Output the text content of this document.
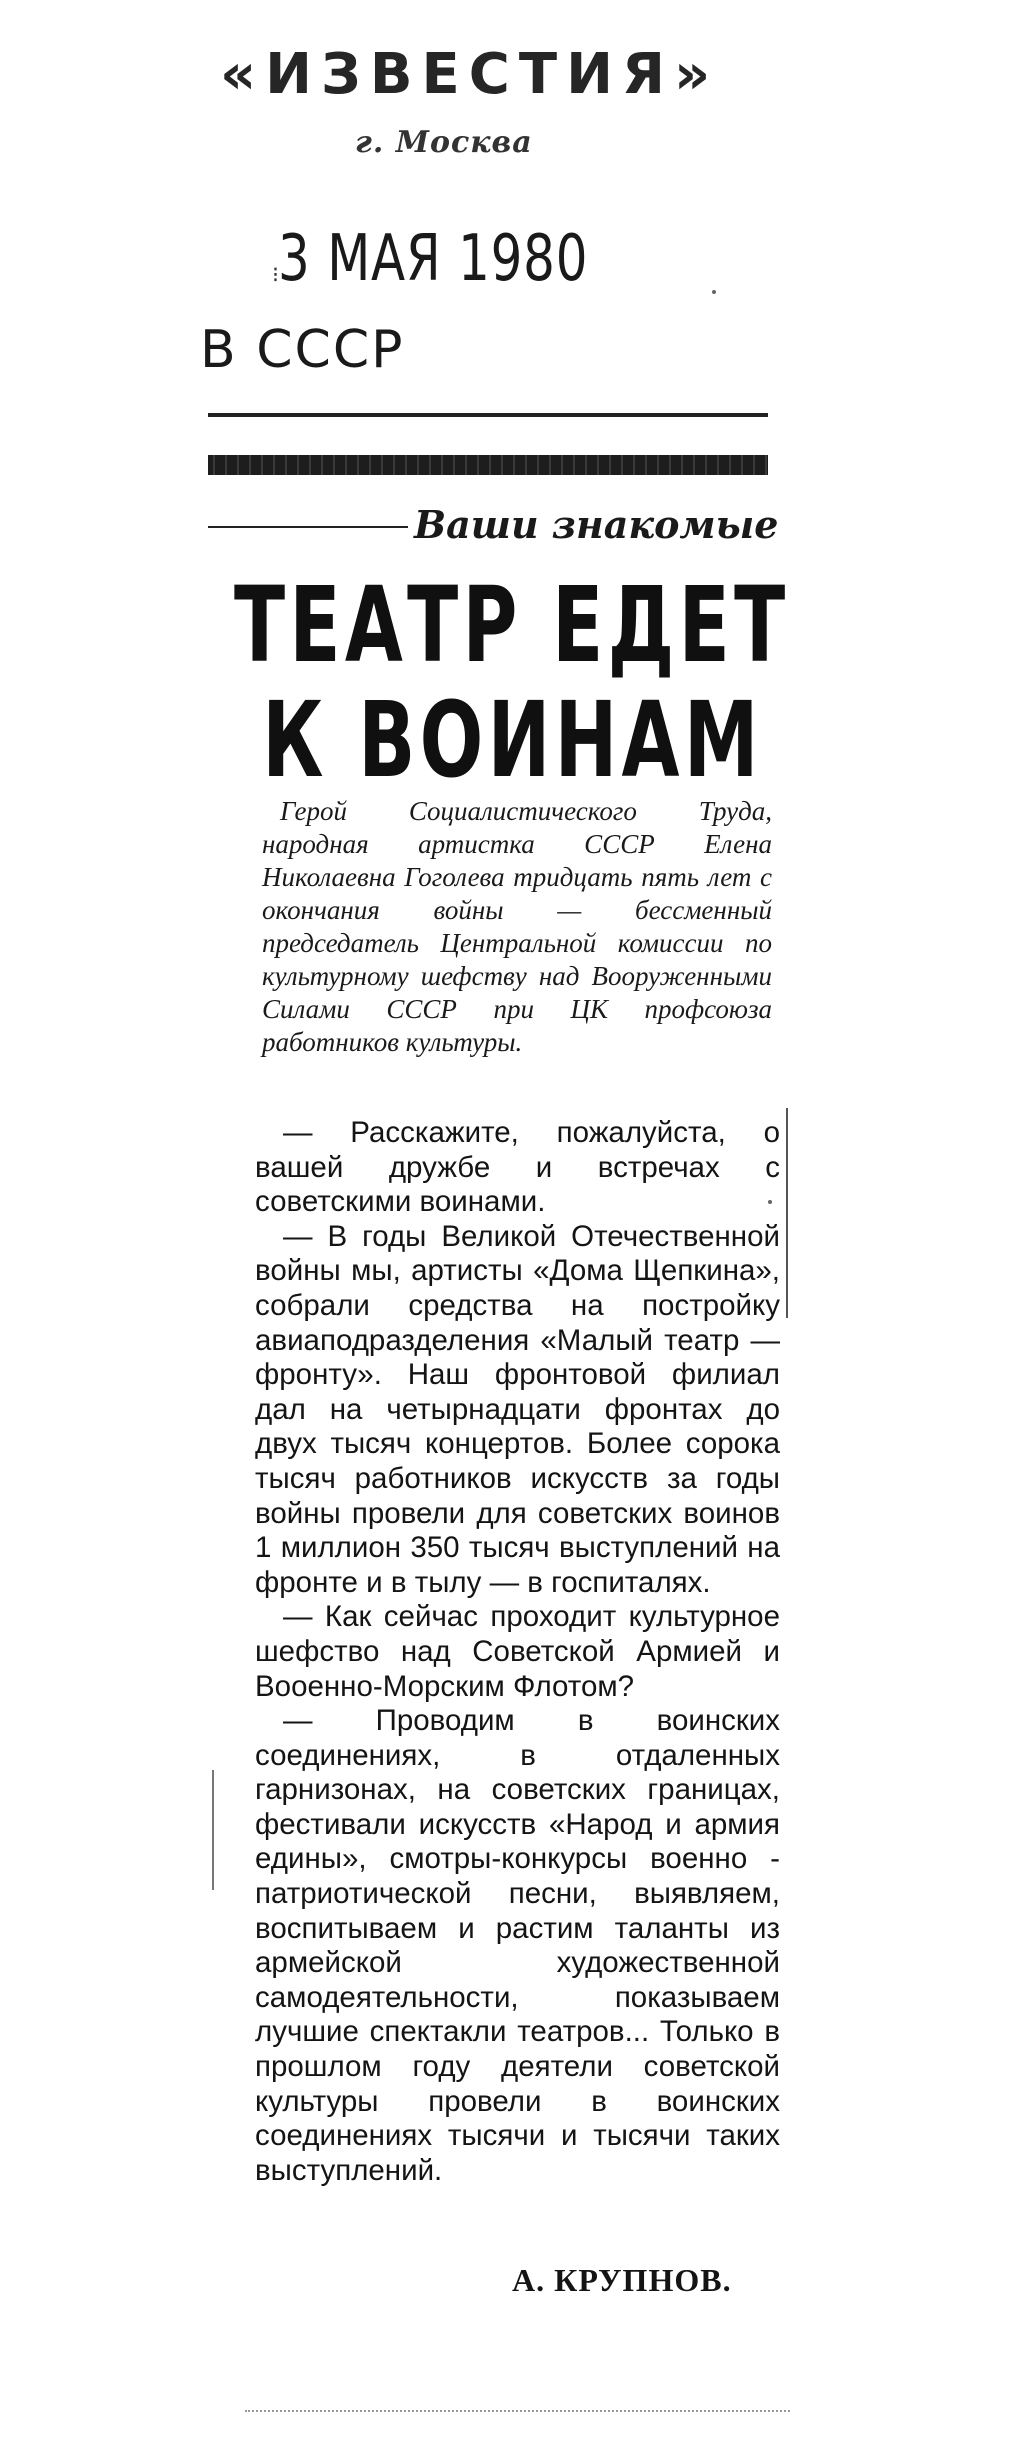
«ИЗВЕСТИЯ»
г. Москва
⁝ 3 МАЯ 1980
В СССР
Ваши знакомые
ТЕАТР ЕДЕТ
К ВОИНАМ

Герой Социалистического Труда, народная артистка СССР Елена Николаевна Гоголева тридцать пять лет с окончания войны — бессменный председатель Центральной комиссии по культурному шефству над Вооруженными Силами СССР при ЦК профсоюза работников культуры.

— Расскажите, пожалуйста, о вашей дружбе и встречах с советскими воинами.

— В годы Великой Отечественной войны мы, артисты «Дома Щепкина», собрали средства на постройку авиаподразделения «Малый театр — фронту». Наш фронтовой филиал дал на четырнадцати фронтах до двух тысяч концертов. Более сорока тысяч работников искусств за годы войны провели для советских воинов 1 миллион 350 тысяч выступлений на фронте и в тылу — в госпиталях.

— Как сейчас проходит культурное шефство над Советской Армией и Вооенно-Морским Флотом?

— Проводим в воинских соединениях, в отдаленных гарнизонах, на советских границах, фестивали искусств «Народ и армия едины», смотры-конкурсы военно - патриотической песни, выявляем, воспитываем и растим таланты из армейской художественной самодеятельности, показываем лучшие спектакли театров... Только в прошлом году деятели советской культуры провели в воинских соединениях тысячи и тысячи таких выступлений.

А. КРУПНОВ.
